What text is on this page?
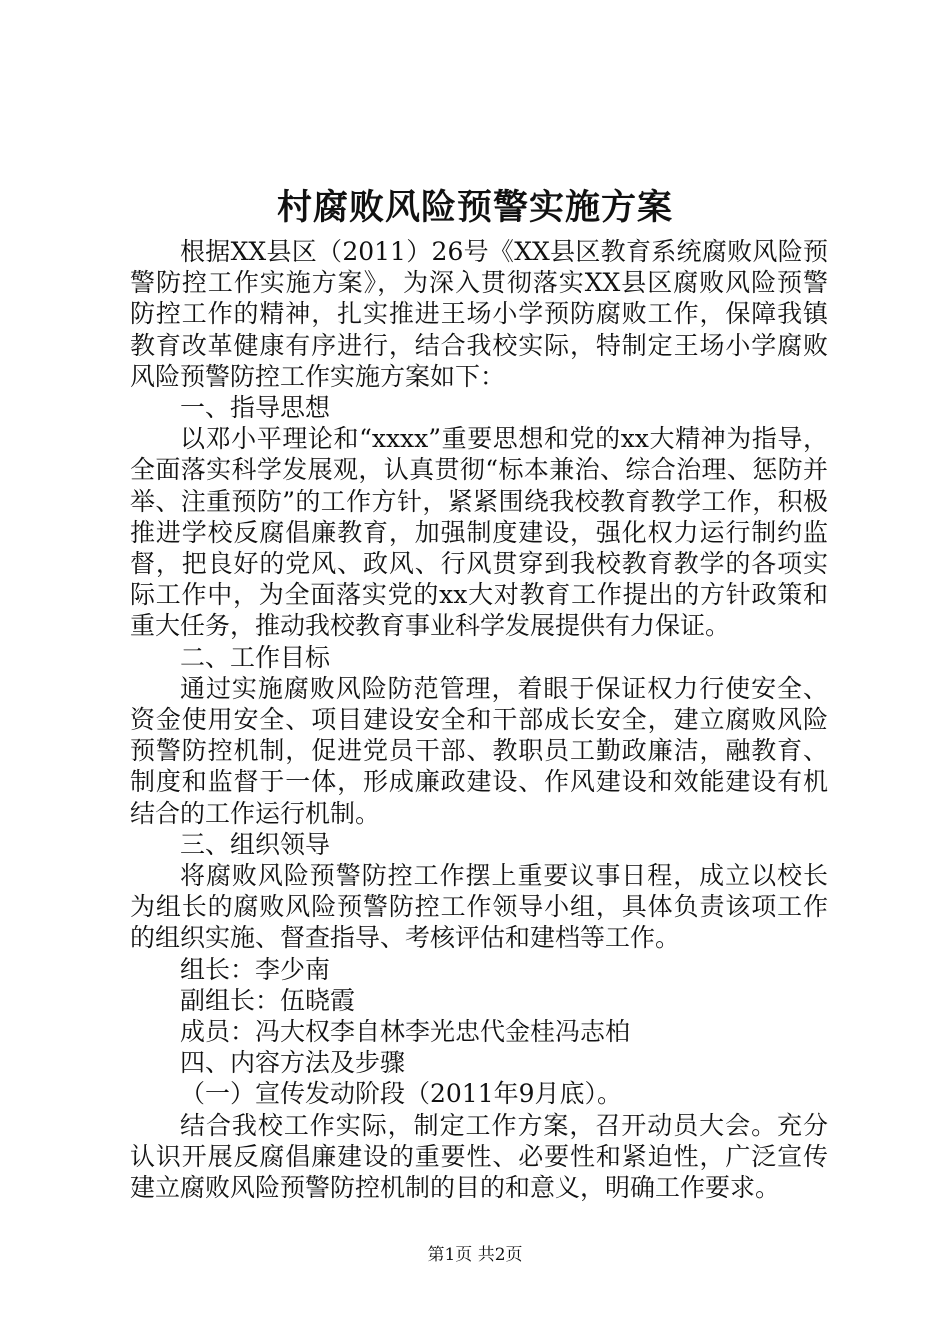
村腐败风险预警实施方案

根据XX县区（2011）26号《XX县区教育系统腐败风险预警防控工作实施方案》，为深入贯彻落实XX县区腐败风险预警防控工作的精神，扎实推进王场小学预防腐败工作，保障我镇教育改革健康有序进行，结合我校实际，特制定王场小学腐败风险预警防控工作实施方案如下：

一、指导思想

以邓小平理论和“xxxx”重要思想和党的xx大精神为指导，全面落实科学发展观，认真贯彻“标本兼治、综合治理、惩防并举、注重预防”的工作方针，紧紧围绕我校教育教学工作，积极推进学校反腐倡廉教育，加强制度建设，强化权力运行制约监督，把良好的党风、政风、行风贯穿到我校教育教学的各项实际工作中，为全面落实党的xx大对教育工作提出的方针政策和重大任务，推动我校教育事业科学发展提供有力保证。

二、工作目标

通过实施腐败风险防范管理，着眼于保证权力行使安全、资金使用安全、项目建设安全和干部成长安全，建立腐败风险预警防控机制，促进党员干部、教职员工勤政廉洁，融教育、制度和监督于一体，形成廉政建设、作风建设和效能建设有机结合的工作运行机制。

三、组织领导

将腐败风险预警防控工作摆上重要议事日程，成立以校长为组长的腐败风险预警防控工作领导小组，具体负责该项工作的组织实施、督查指导、考核评估和建档等工作。

组长：李少南

副组长：伍晓霞

成员：冯大权李自林李光忠代金桂冯志柏

四、内容方法及步骤

（一）宣传发动阶段（2011年9月底）。

结合我校工作实际，制定工作方案，召开动员大会。充分认识开展反腐倡廉建设的重要性、必要性和紧迫性，广泛宣传建立腐败风险预警防控机制的目的和意义，明确工作要求。

第1页 共2页
